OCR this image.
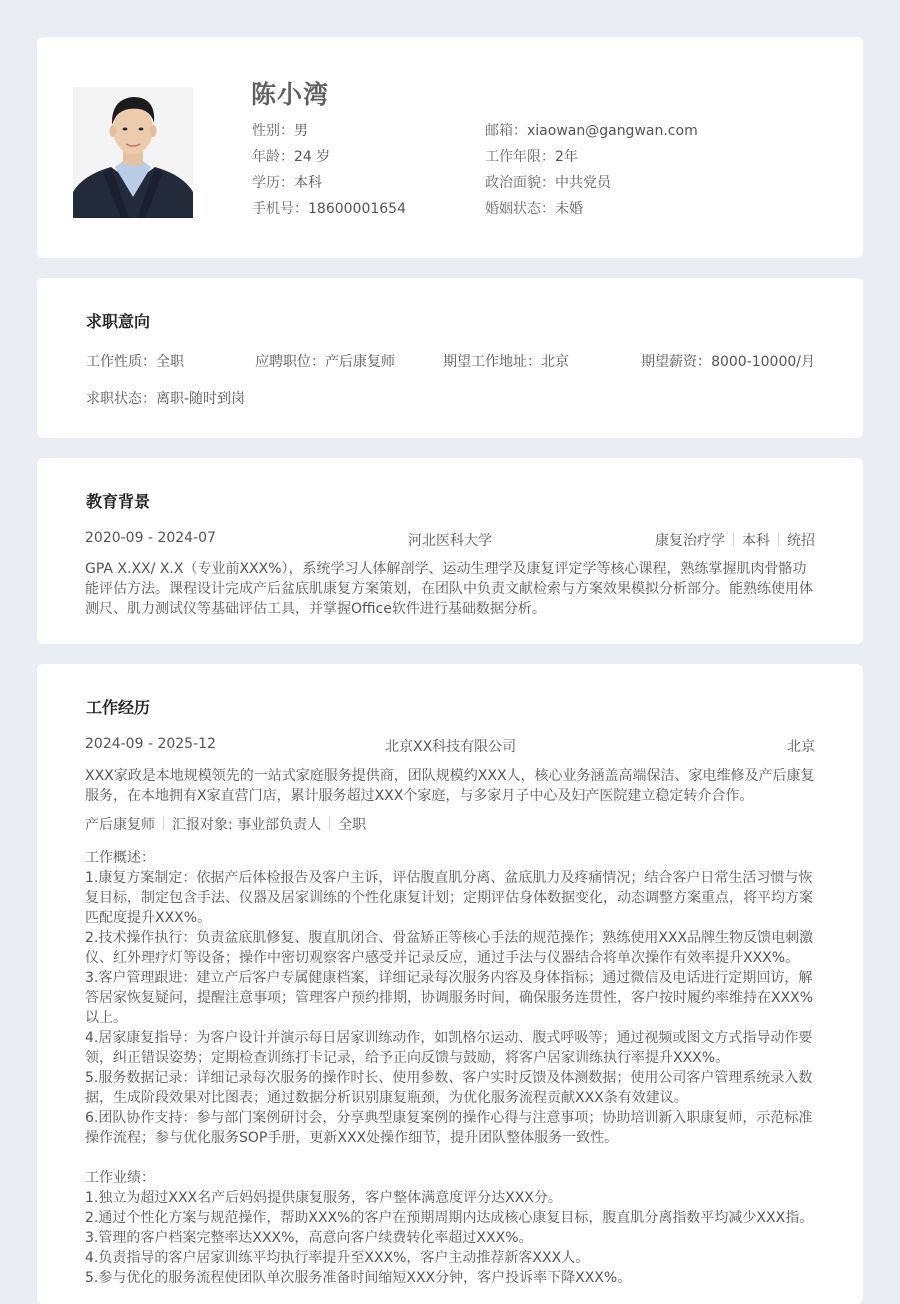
陈小湾
性别：男	邮箱：xiaowan@gangwan.com
年龄：24 岁	工作年限：2年
学历：本科	政治面貌：中共党员
手机号：18600001654	婚姻状态：未婚
求职意向
工作性质：全职	应聘职位：产后康复师	期望工作地址：北京	期望薪资：8000-10000/月
求职状态：离职-随时到岗
教育背景
2020-09 - 2024-07	河北医科大学	康复治疗学 本科 统招
GPA X.XX/ X.X（专业前XXX%），系统学习人体解剖学、运动生理学及康复评定学等核心课程，熟练掌握肌肉骨骼功能评估方法。课程设计完成产后盆底肌康复方案策划，在团队中负责文献检索与方案效果模拟分析部分。能熟练使用体测尺、肌力测试仪等基础评估工具，并掌握Office软件进行基础数据分析。
工作经历
2024-09 - 2025-12	北京XX科技有限公司	北京
XXX家政是本地规模领先的一站式家庭服务提供商，团队规模约XXX人，核心业务涵盖高端保洁、家电维修及产后康复服务，在本地拥有X家直营门店，累计服务超过XXX个家庭，与多家月子中心及妇产医院建立稳定转介合作。
产后康复师 汇报对象: 事业部负责人 全职
工作概述：
1.康复方案制定：依据产后体检报告及客户主诉，评估腹直肌分离、盆底肌力及疼痛情况；结合客户日常生活习惯与恢复目标，制定包含手法、仪器及居家训练的个性化康复计划；定期评估身体数据变化，动态调整方案重点，将平均方案匹配度提升XXX%。
2.技术操作执行：负责盆底肌修复、腹直肌闭合、骨盆矫正等核心手法的规范操作；熟练使用XXX品牌生物反馈电刺激仪、红外理疗灯等设备；操作中密切观察客户感受并记录反应，通过手法与仪器结合将单次操作有效率提升XXX%。
3.客户管理跟进：建立产后客户专属健康档案，详细记录每次服务内容及身体指标；通过微信及电话进行定期回访，解答居家恢复疑问，提醒注意事项；管理客户预约排期，协调服务时间，确保服务连贯性，客户按时履约率维持在XXX%以上。
4.居家康复指导：为客户设计并演示每日居家训练动作，如凯格尔运动、腹式呼吸等；通过视频或图文方式指导动作要领，纠正错误姿势；定期检查训练打卡记录，给予正向反馈与鼓励，将客户居家训练执行率提升XXX%。
5.服务数据记录：详细记录每次服务的操作时长、使用参数、客户实时反馈及体测数据；使用公司客户管理系统录入数据，生成阶段效果对比图表；通过数据分析识别康复瓶颈，为优化服务流程贡献XXX条有效建议。
6.团队协作支持：参与部门案例研讨会，分享典型康复案例的操作心得与注意事项；协助培训新入职康复师，示范标准操作流程；参与优化服务SOP手册，更新XXX处操作细节，提升团队整体服务一致性。
工作业绩：
1.独立为超过XXX名产后妈妈提供康复服务，客户整体满意度评分达XXX分。
2.通过个性化方案与规范操作，帮助XXX%的客户在预期周期内达成核心康复目标，腹直肌分离指数平均减少XXX指。
3.管理的客户档案完整率达XXX%，高意向客户续费转化率超过XXX%。
4.负责指导的客户居家训练平均执行率提升至XXX%，客户主动推荐新客XXX人。
5.参与优化的服务流程使团队单次服务准备时间缩短XXX分钟，客户投诉率下降XXX%。
